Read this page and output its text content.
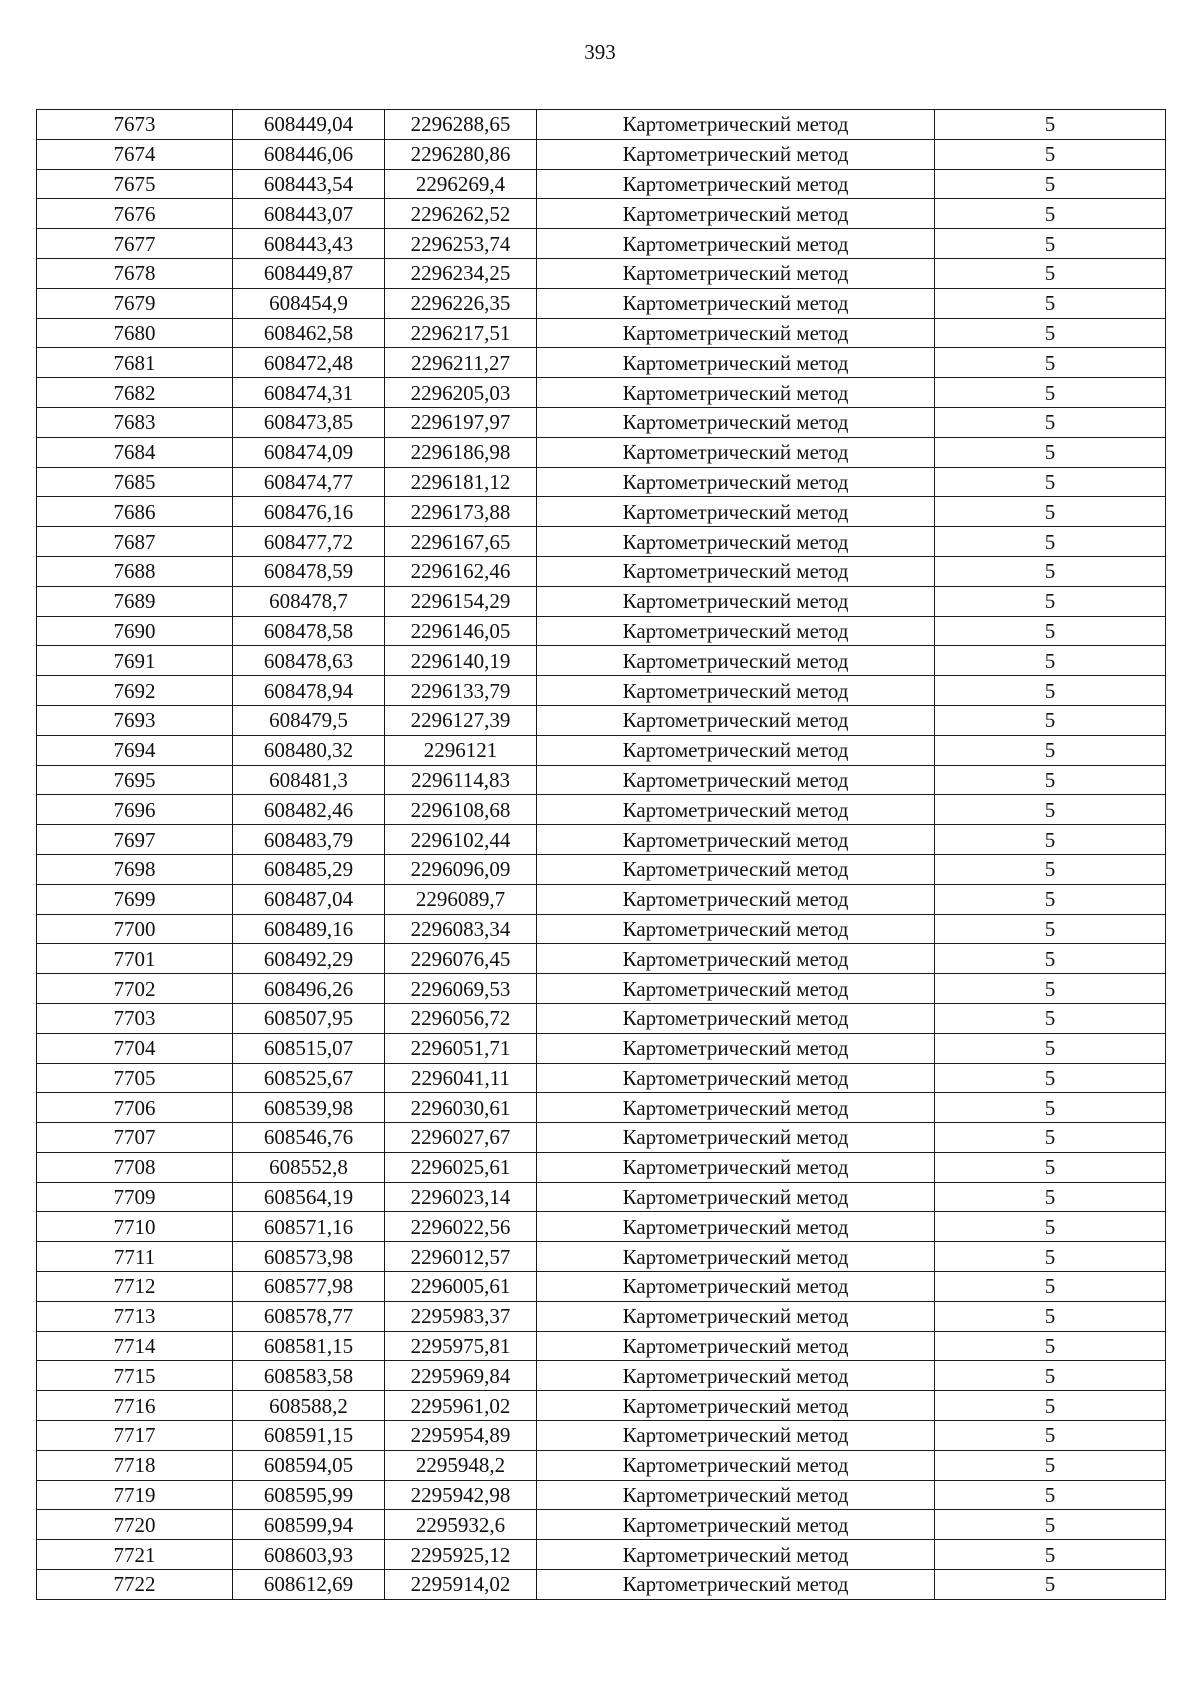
393
7673	608449,04	2296288,65	Картометрический метод	5
7674	608446,06	2296280,86	Картометрический метод	5
7675	608443,54	2296269,4	Картометрический метод	5
7676	608443,07	2296262,52	Картометрический метод	5
7677	608443,43	2296253,74	Картометрический метод	5
7678	608449,87	2296234,25	Картометрический метод	5
7679	608454,9	2296226,35	Картометрический метод	5
7680	608462,58	2296217,51	Картометрический метод	5
7681	608472,48	2296211,27	Картометрический метод	5
7682	608474,31	2296205,03	Картометрический метод	5
7683	608473,85	2296197,97	Картометрический метод	5
7684	608474,09	2296186,98	Картометрический метод	5
7685	608474,77	2296181,12	Картометрический метод	5
7686	608476,16	2296173,88	Картометрический метод	5
7687	608477,72	2296167,65	Картометрический метод	5
7688	608478,59	2296162,46	Картометрический метод	5
7689	608478,7	2296154,29	Картометрический метод	5
7690	608478,58	2296146,05	Картометрический метод	5
7691	608478,63	2296140,19	Картометрический метод	5
7692	608478,94	2296133,79	Картометрический метод	5
7693	608479,5	2296127,39	Картометрический метод	5
7694	608480,32	2296121	Картометрический метод	5
7695	608481,3	2296114,83	Картометрический метод	5
7696	608482,46	2296108,68	Картометрический метод	5
7697	608483,79	2296102,44	Картометрический метод	5
7698	608485,29	2296096,09	Картометрический метод	5
7699	608487,04	2296089,7	Картометрический метод	5
7700	608489,16	2296083,34	Картометрический метод	5
7701	608492,29	2296076,45	Картометрический метод	5
7702	608496,26	2296069,53	Картометрический метод	5
7703	608507,95	2296056,72	Картометрический метод	5
7704	608515,07	2296051,71	Картометрический метод	5
7705	608525,67	2296041,11	Картометрический метод	5
7706	608539,98	2296030,61	Картометрический метод	5
7707	608546,76	2296027,67	Картометрический метод	5
7708	608552,8	2296025,61	Картометрический метод	5
7709	608564,19	2296023,14	Картометрический метод	5
7710	608571,16	2296022,56	Картометрический метод	5
7711	608573,98	2296012,57	Картометрический метод	5
7712	608577,98	2296005,61	Картометрический метод	5
7713	608578,77	2295983,37	Картометрический метод	5
7714	608581,15	2295975,81	Картометрический метод	5
7715	608583,58	2295969,84	Картометрический метод	5
7716	608588,2	2295961,02	Картометрический метод	5
7717	608591,15	2295954,89	Картометрический метод	5
7718	608594,05	2295948,2	Картометрический метод	5
7719	608595,99	2295942,98	Картометрический метод	5
7720	608599,94	2295932,6	Картометрический метод	5
7721	608603,93	2295925,12	Картометрический метод	5
7722	608612,69	2295914,02	Картометрический метод	5
